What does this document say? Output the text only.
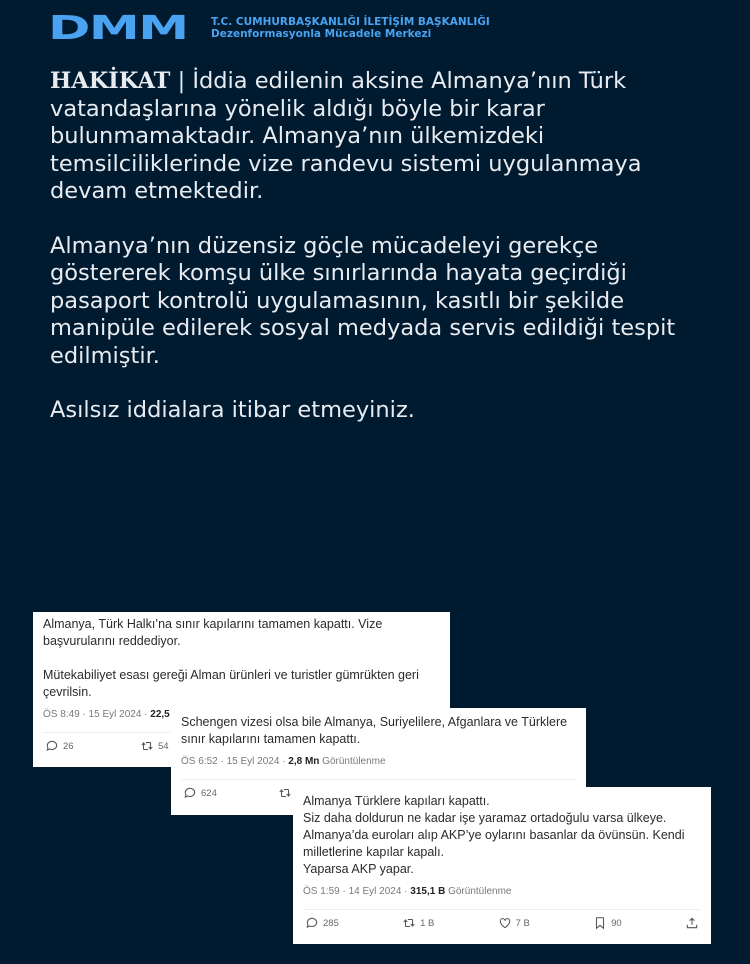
DMM	T.C. CUMHURBAŞKANLIĞI İLETİŞİM BAŞKANLIĞI
Dezenformasyonla Mücadele Merkezi

HAKİKAT | İddia edilenin aksine Almanya’nın Türk vatandaşlarına yönelik aldığı böyle bir karar bulunmamaktadır. Almanya’nın ülkemizdeki temsilciliklerinde vize randevu sistemi uygulanmaya devam etmektedir.

Almanya’nın düzensiz göçle mücadeleyi gerekçe göstererek komşu ülke sınırlarında hayata geçirdiği pasaport kontrolü uygulamasının, kasıtlı bir şekilde manipüle edilerek sosyal medyada servis edildiği tespit edilmiştir.

Asılsız iddialara itibar etmeyiniz.

Almanya, Türk Halkı’na sınır kapılarını tamamen kapattı. Vize başvurularını reddediyor.

Mütekabiliyet esası gereği Alman ürünleri ve turistler gümrükten geri çevrilsin.

ÖS 8:49 · 15 Eyl 2024 · 22,5
26	54

Schengen vizesi olsa bile Almanya, Suriyelilere, Afganlara ve Türklere sınır kapılarını tamamen kapattı.

ÖS 6:52 · 15 Eyl 2024 · 2,8 Mn Görüntülenme
624

Almanya Türklere kapıları kapattı.

Siz daha doldurun ne kadar işe yaramaz ortadoğulu varsa ülkeye.

Almanya’da euroları alıp AKP’ye oylarını basanlar da övünsün. Kendi milletlerine kapılar kapalı.

Yaparsa AKP yapar.

ÖS 1:59 · 14 Eyl 2024 · 315,1 B Görüntülenme
285	1 B	7 B	90
